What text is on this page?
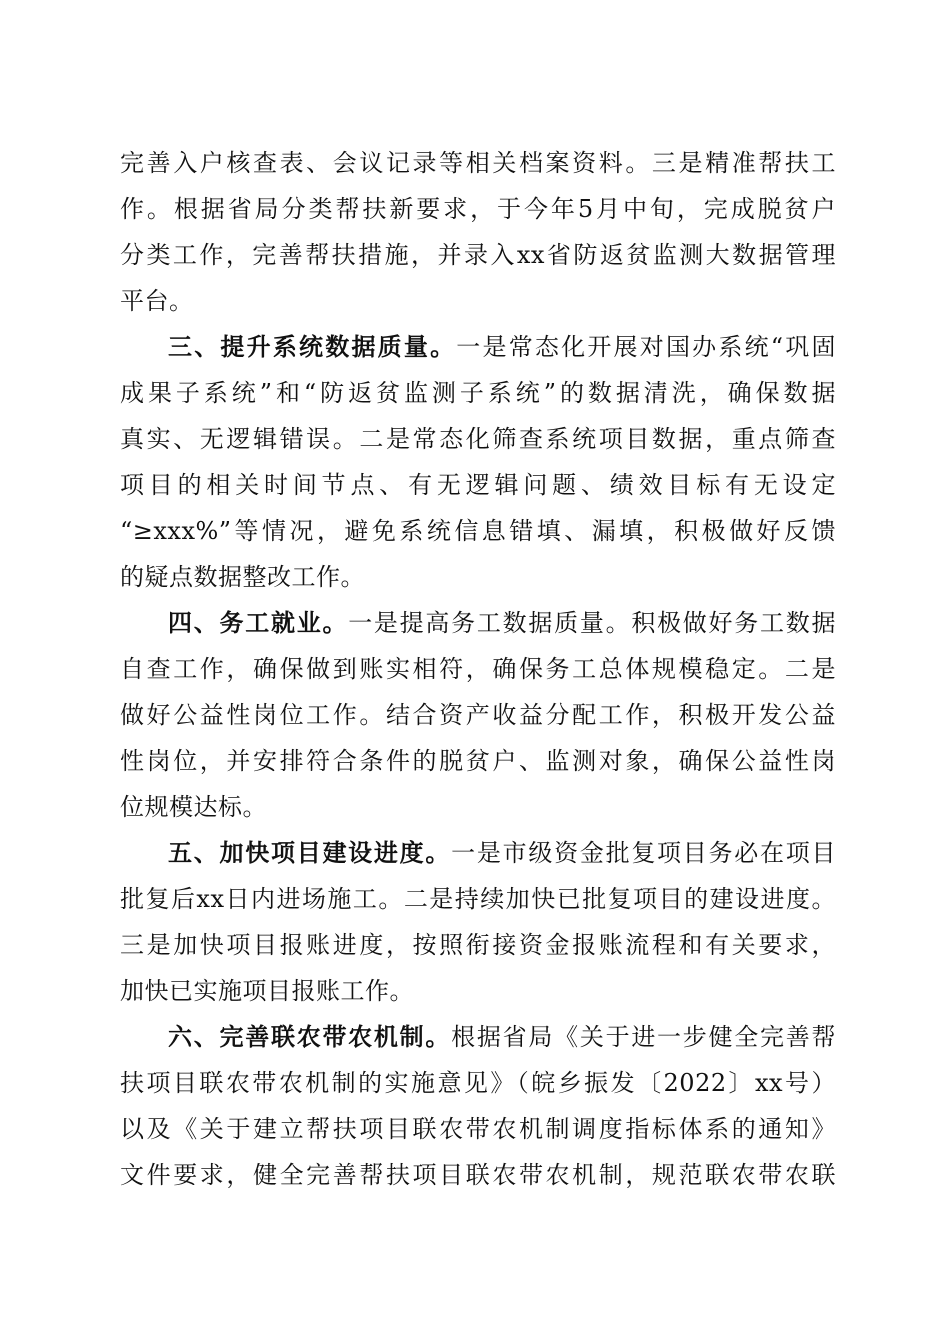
完善入户核查表、会议记录等相关档案资料。三是精准帮扶工
作。根据省局分类帮扶新要求，于今年5月中旬，完成脱贫户
分类工作，完善帮扶措施，并录入xx省防返贫监测大数据管理
平台。
三、提升系统数据质量。一是常态化开展对国办系统“巩固
成果子系统”和“防返贫监测子系统”的数据清洗，确保数据
真实、无逻辑错误。二是常态化筛查系统项目数据，重点筛查
项目的相关时间节点、有无逻辑问题、绩效目标有无设定
“≥xxx%”等情况，避免系统信息错填、漏填，积极做好反馈
的疑点数据整改工作。
四、务工就业。一是提高务工数据质量。积极做好务工数据
自查工作，确保做到账实相符，确保务工总体规模稳定。二是
做好公益性岗位工作。结合资产收益分配工作，积极开发公益
性岗位，并安排符合条件的脱贫户、监测对象，确保公益性岗
位规模达标。
五、加快项目建设进度。一是市级资金批复项目务必在项目
批复后xx日内进场施工。二是持续加快已批复项目的建设进度。
三是加快项目报账进度，按照衔接资金报账流程和有关要求，
加快已实施项目报账工作。
六、完善联农带农机制。根据省局《关于进一步健全完善帮
扶项目联农带农机制的实施意见》（皖乡振发〔2022〕xx号）
以及《关于建立帮扶项目联农带农机制调度指标体系的通知》
文件要求，健全完善帮扶项目联农带农机制，规范联农带农联
